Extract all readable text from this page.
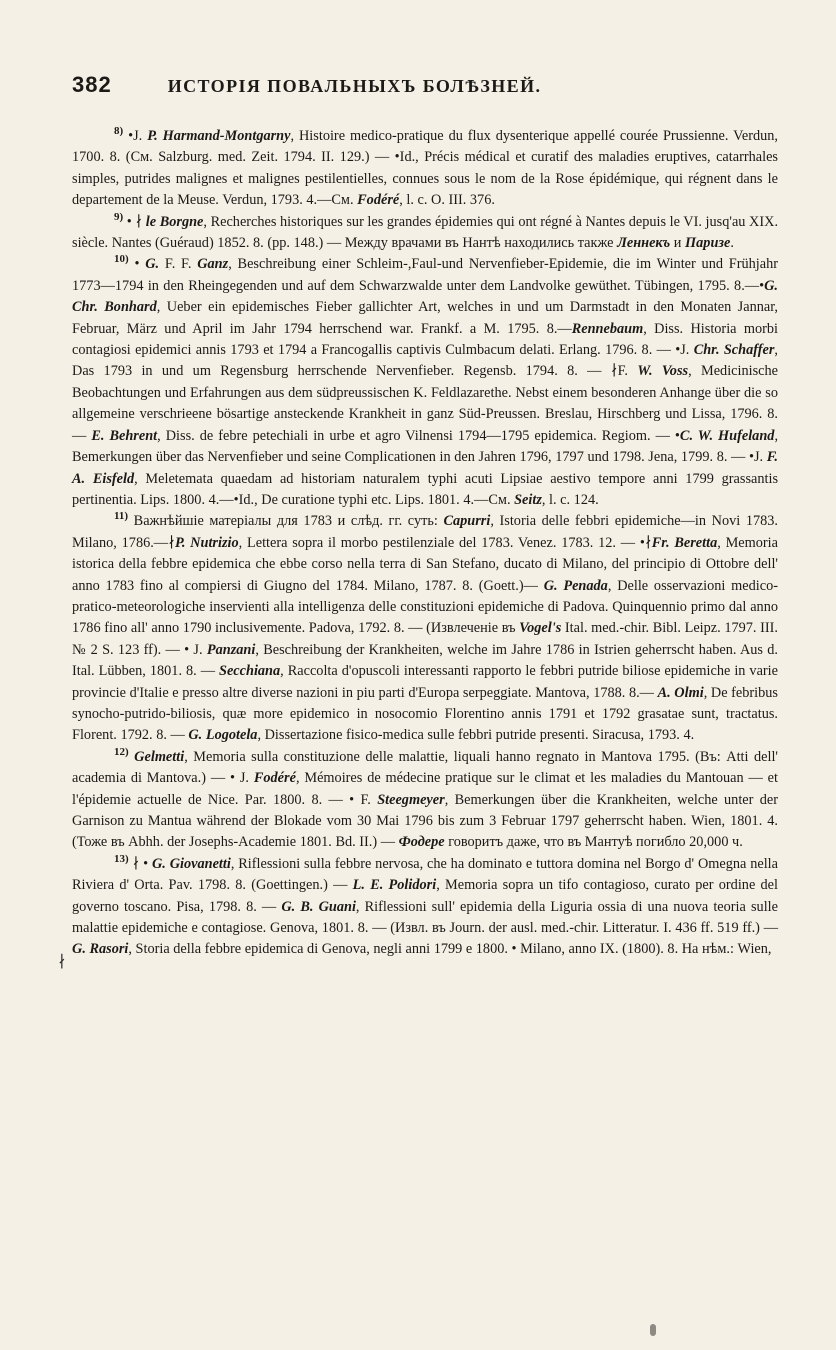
382	ИСТОРІЯ ПОВАЛЬНЫХЪ БОЛѢЗНЕЙ.

$^{8)}$ •J. P. Harmand-Montgarny, Histoire medico-pratique du flux dysenterique appellé courée Prussienne. Verdun, 1700. 8. (См. Salzburg. med. Zeit. 1794. II. 129.) — •Id., Précis médical et curatif des maladies eruptives, catarrhales simples, putrides malignes et malignes pestilentielles, connues sous le nom de la Rose épidémique, qui régnent dans le departement de la Meuse. Verdun, 1793. 4.—См. Fodéré, l. c. O. III. 376.

$^{9)}$ • ∤ le Borgne, Recherches historiques sur les grandes épidemies qui ont régné à Nantes depuis le VI. jusq'au XIX. siècle. Nantes (Guéraud) 1852. 8. (pp. 148.) — Между врачами въ Нантѣ находились также Леннекъ и Паризе.

$^{10)}$ • G. F. F. Ganz, Beschreibung einer Schleim-,Faul-und Nervenfieber-Epidemie, die im Winter und Frühjahr 1773—1794 in den Rheingegenden und auf dem Schwarzwalde unter dem Landvolke gewüthet. Tübingen, 1795. 8.—•G. Chr. Bonhard, Ueber ein epidemisches Fieber gallichter Art, welches in und um Darmstadt in den Monaten Jannar, Februar, März und April im Jahr 1794 herrschend war. Frankf. a M. 1795. 8.—Rennebaum, Diss. Historia morbi contagiosi epidemici annis 1793 et 1794 a Francogallis captivis Culmbacum delati. Erlang. 1796. 8. — •J. Chr. Schaffer, Das 1793 in und um Regensburg herrschende Nervenfieber. Regensb. 1794. 8. — ∤F. W. Voss, Medicinische Beobachtungen und Erfahrungen aus dem südpreussischen K. Feldlazarethe. Nebst einem besonderen Anhange über die so allgemeine verschrieene bösartige ansteckende Krankheit in ganz Süd-Preussen. Breslau, Hirschberg und Lissa, 1796. 8. — E. Behrent, Diss. de febre petechiali in urbe et agro Vilnensi 1794—1795 epidemica. Regiom. — •C. W. Hufeland, Bemerkungen über das Nervenfieber und seine Complicationen in den Jahren 1796, 1797 und 1798. Jena, 1799. 8. — •J. F. A. Eisfeld, Meletemata quaedam ad historiam naturalem typhi acuti Lipsiae aestivo tempore anni 1799 grassantis pertinentia. Lips. 1800. 4.—•Id., De curatione typhi etc. Lips. 1801. 4.—См. Seitz, l. c. 124.

$^{11)}$ Важнѣйшіе матеріалы для 1783 и слѣд. гг. суть: Capurri, Istoria delle febbri epidemiche—in Novi 1783. Milano, 1786.—∤P. Nutrizio, Lettera sopra il morbo pestilenziale del 1783. Venez. 1783. 12. — •∤Fr. Beretta, Memoria istorica della febbre epidemica che ebbe corso nella terra di San Stefano, ducato di Milano, del principio di Ottobre dell' anno 1783 fino al compiersi di Giugno del 1784. Milano, 1787. 8. (Goett.)— G. Penada, Delle osservazioni medico-pratico-meteorologiche inservienti alla intelligenza delle constituzioni epidemiche di Padova. Quinquennio primo dal anno 1786 fino all' anno 1790 inclusivemente. Padova, 1792. 8. — (Извлеченіе въ Vogel's Ital. med.-chir. Bibl. Leipz. 1797. III. № 2 S. 123 ff). — • J. Panzani, Beschreibung der Krankheiten, welche im Jahre 1786 in Istrien geherrscht haben. Aus d. Ital. Lübben, 1801. 8. — Secchiana, Raccolta d'opuscoli interessanti rapporto le febbri putride biliose epidemiche in varie provincie d'Italie e presso altre diverse nazioni in piu parti d'Europa serpeggiate. Mantova, 1788. 8.— A. Olmi, De febribus synocho-putrido-biliosis, quæ more epidemico in nosocomio Florentino annis 1791 et 1792 grasatae sunt, tractatus. Florent. 1792. 8. — G. Logotela, Dissertazione fisico-medica sulle febbri putride presenti. Siracusa, 1793. 4.

$^{12)}$ Gelmetti, Memoria sulla constituzione delle malattie, liquali hanno regnato in Mantova 1795. (Въ: Atti dell' academia di Mantova.) — • J. Fodéré, Mémoires de médecine pratique sur le climat et les maladies du Mantouan — et l'épidemie actuelle de Nice. Par. 1800. 8. — • F. Steegmeyer, Bemerkungen über die Krankheiten, welche unter der Garnison zu Mantua während der Blokade vom 30 Mai 1796 bis zum 3 Februar 1797 geherrscht haben. Wien, 1801. 4. (Тоже въ Abhh. der Josephs-Academie 1801. Bd. II.) — Фодере говоритъ даже, что въ Мантуѣ погибло 20,000 ч.

$^{13)}$ ∤ • G. Giovanetti, Riflessioni sulla febbre nervosa, che ha dominato e tuttora domina nel Borgo d' Omegna nella Riviera d' Orta. Pav. 1798. 8. (Goettingen.) — L. E. Polidori, Memoria sopra un tifo contagioso, curato per ordine del governo toscano. Pisa, 1798. 8. — G. B. Guani, Riflessioni sull' epidemia della Liguria ossia di una nuova teoria sulle malattie epidemiche e contagiose. Genova, 1801. 8. — (Извл. въ Journ. der ausl. med.-chir. Litteratur. I. 436 ff. 519 ff.) — G. Rasori, Storia della febbre epidemica di Genova, negli anni 1799 e 1800. • Milano, anno IX. (1800). 8. На нѣм.: Wien,

∤
